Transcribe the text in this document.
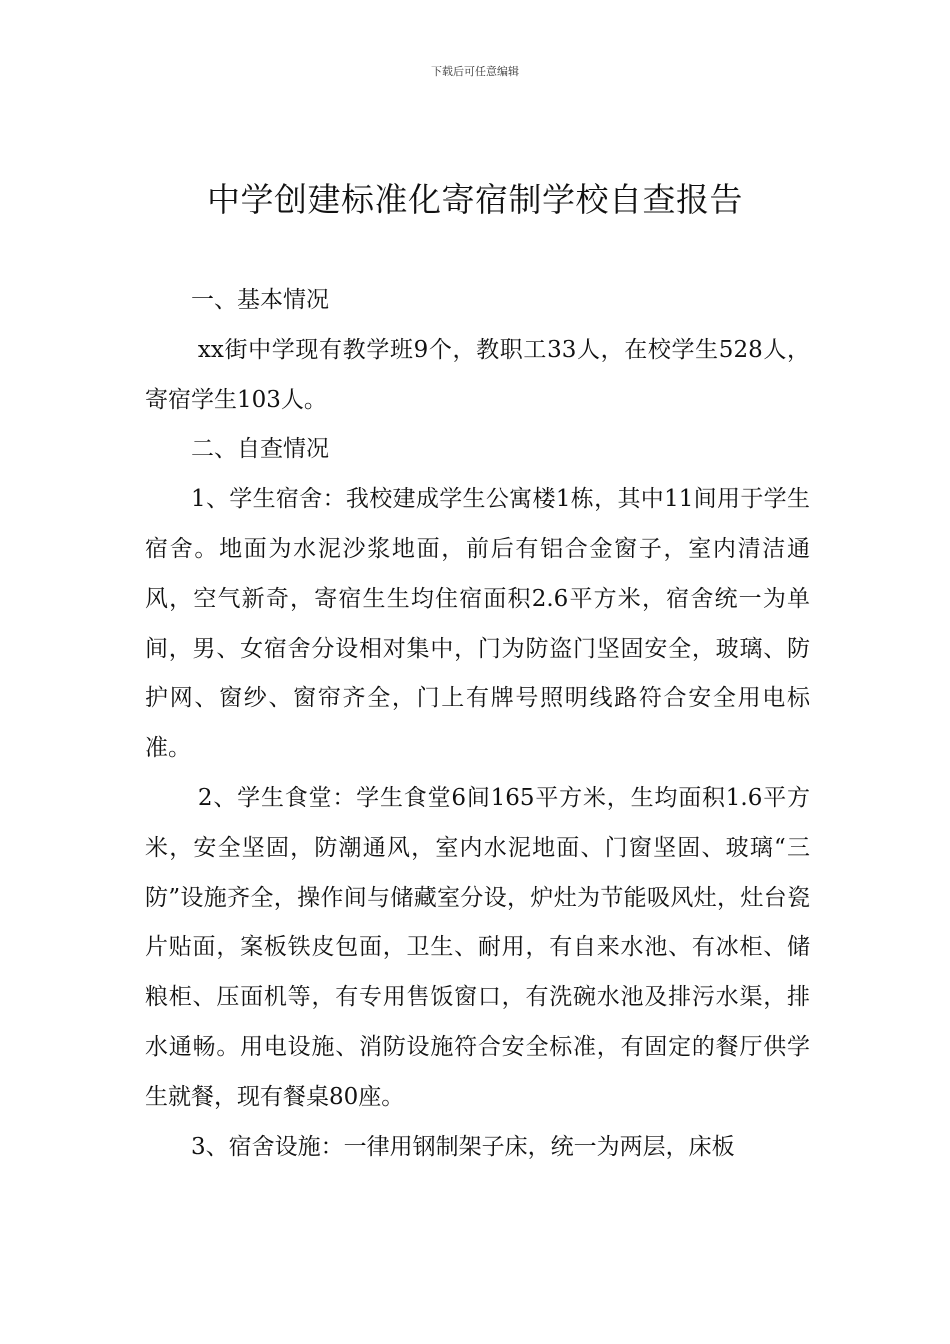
下载后可任意编辑
中学创建标准化寄宿制学校自查报告

一、基本情况

xx街中学现有教学班9个，教职工33人，在校学生528人，寄宿学生103人。

二、自查情况

1、学生宿舍：我校建成学生公寓楼1栋，其中11间用于学生宿舍。地面为水泥沙浆地面，前后有铝合金窗子，室内清洁通风，空气新奇，寄宿生生均住宿面积2.6平方米，宿舍统一为单间，男、女宿舍分设相对集中，门为防盗门坚固安全，玻璃、防护网、窗纱、窗帘齐全，门上有牌号照明线路符合安全用电标准。

2、学生食堂：学生食堂6间165平方米，生均面积1.6平方米，安全坚固，防潮通风，室内水泥地面、门窗坚固、玻璃“三防”设施齐全，操作间与储藏室分设，炉灶为节能吸风灶，灶台瓷片贴面，案板铁皮包面，卫生、耐用，有自来水池、有冰柜、储粮柜、压面机等，有专用售饭窗口，有洗碗水池及排污水渠，排水通畅。用电设施、消防设施符合安全标准，有固定的餐厅供学生就餐，现有餐桌80座。

3、宿舍设施：一律用钢制架子床，统一为两层，床板
